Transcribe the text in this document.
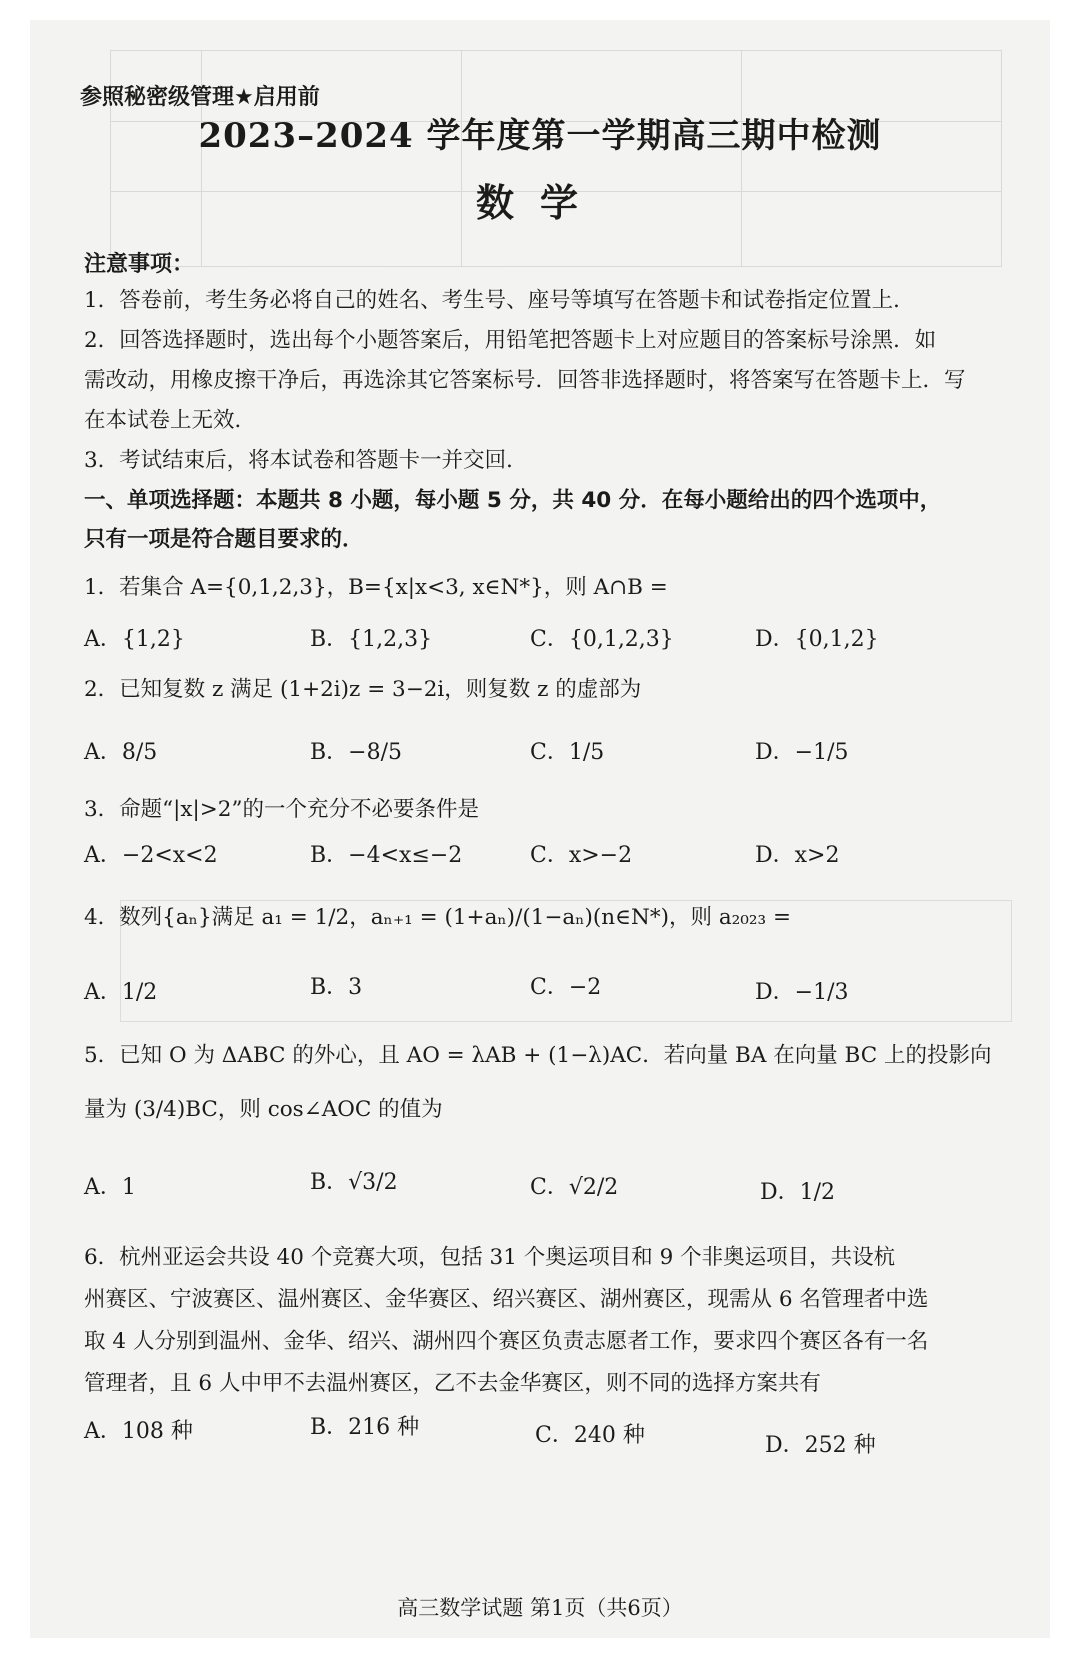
参照秘密级管理★启用前
2023–2024 学年度第一学期高三期中检测
数学
注意事项：
1．答卷前，考生务必将自己的姓名、考生号、座号等填写在答题卡和试卷指定位置上．
2．回答选择题时，选出每个小题答案后，用铅笔把答题卡上对应题目的答案标号涂黑．如
需改动，用橡皮擦干净后，再选涂其它答案标号．回答非选择题时，将答案写在答题卡上．写
在本试卷上无效．
3．考试结束后，将本试卷和答题卡一并交回．
一、单项选择题：本题共 8 小题，每小题 5 分，共 40 分．在每小题给出的四个选项中，
只有一项是符合题目要求的．
1．若集合 A={0,1,2,3}，B={x|x<3, x∈N*}，则 A∩B =
A．{1,2}	B．{1,2,3}	C．{0,1,2,3}	D．{0,1,2}
2．已知复数 z 满足 (1+2i)z = 3−2i，则复数 z 的虚部为
A．8/5	B．−8/5	C．1/5	D．−1/5
3．命题“|x|>2”的一个充分不必要条件是
A．−2<x<2	B．−4<x≤−2	C．x>−2	D．x>2
4．数列{aₙ}满足 a₁ = 1/2，aₙ₊₁ = (1+aₙ)/(1−aₙ)(n∈N*)，则 a₂₀₂₃ =
A．1/2	B．3	C．−2	D．−1/3
5．已知 O 为 ΔABC 的外心，且 AO = λAB + (1−λ)AC．若向量 BA 在向量 BC 上的投影向
量为 (3/4)BC，则 cos∠AOC 的值为
A．1	B．√3/2	C．√2/2	D．1/2
6．杭州亚运会共设 40 个竞赛大项，包括 31 个奥运项目和 9 个非奥运项目，共设杭
州赛区、宁波赛区、温州赛区、金华赛区、绍兴赛区、湖州赛区，现需从 6 名管理者中选
取 4 人分别到温州、金华、绍兴、湖州四个赛区负责志愿者工作，要求四个赛区各有一名
管理者，且 6 人中甲不去温州赛区，乙不去金华赛区，则不同的选择方案共有
A．108 种	B．216 种	C．240 种	D．252 种
高三数学试题 第1页（共6页）
